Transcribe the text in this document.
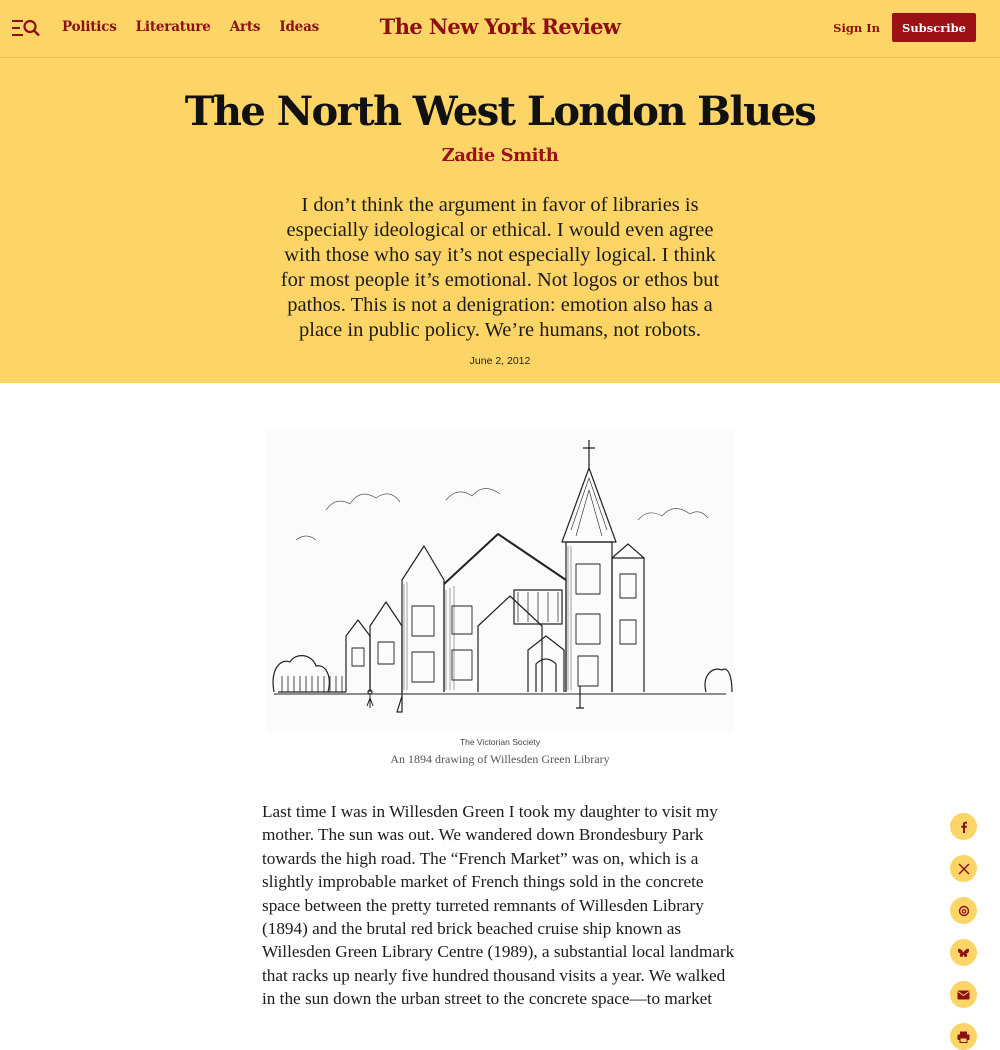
Politics Literature Arts Ideas	The New York Review	Sign In	Subscribe
The North West London Blues
Zadie Smith

I don’t think the argument in favor of libraries is especially ideological or ethical. I would even agree with those who say it’s not especially logical. I think for most people it’s emotional. Not logos or ethos but pathos. This is not a denigration: emotion also has a place in public policy. We’re humans, not robots.

June 2, 2012
The Victorian Society
An 1894 drawing of Willesden Green Library

Last time I was in Willesden Green I took my daughter to visit my mother. The sun was out. We wandered down Brondesbury Park towards the high road. The “French Market” was on, which is a slightly improbable market of French things sold in the concrete space between the pretty turreted remnants of Willesden Library (1894) and the brutal red brick beached cruise ship known as Willesden Green Library Centre (1989), a substantial local landmark that racks up nearly five hundred thousand visits a year. We walked in the sun down the urban street to the concrete space—to market
